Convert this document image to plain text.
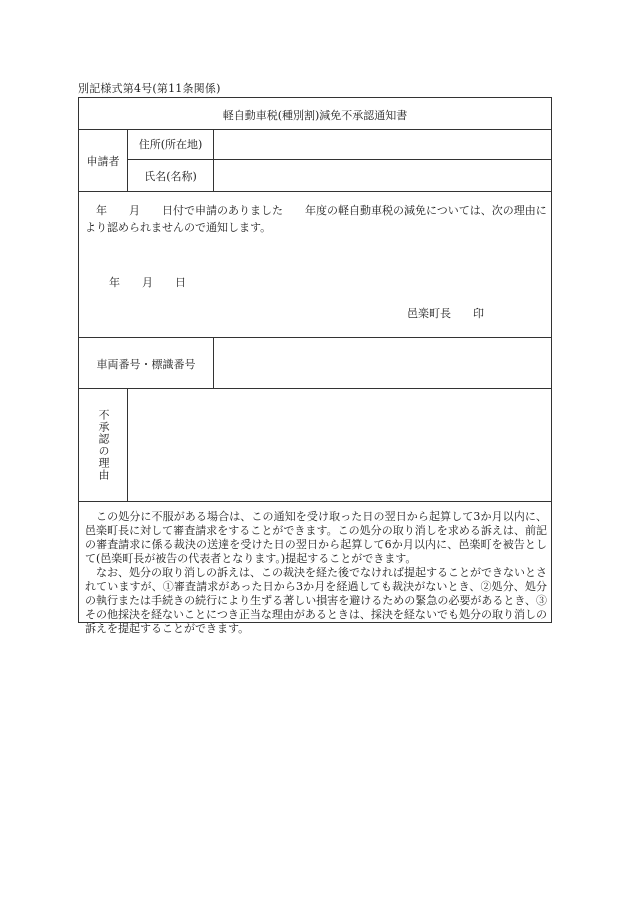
別記様式第4号(第11条関係)
軽自動車税(種別割)減免不承認通知書
申請者
住所(所在地)
氏名(名称)
年　　月　　日付で申請のありました　　年度の軽自動車税の減免については、次の理由により認められませんので通知します。
年　　月　　日
邑楽町長　　印
車両番号・標識番号
不承認の理由

この処分に不服がある場合は、この通知を受け取った日の翌日から起算して3か月以内に、邑楽町長に対して審査請求をすることができます。この処分の取り消しを求める訴えは、前記の審査請求に係る裁決の送達を受けた日の翌日から起算して6か月以内に、邑楽町を被告として(邑楽町長が被告の代表者となります。)提起することができます。

なお、処分の取り消しの訴えは、この裁決を経た後でなければ提起することができないとされていますが、①審査請求があった日から3か月を経過しても裁決がないとき、②処分、処分の執行または手続きの続行により生ずる著しい損害を避けるための緊急の必要があるとき、③その他採決を経ないことにつき正当な理由があるときは、採決を経ないでも処分の取り消しの訴えを提起することができます。
